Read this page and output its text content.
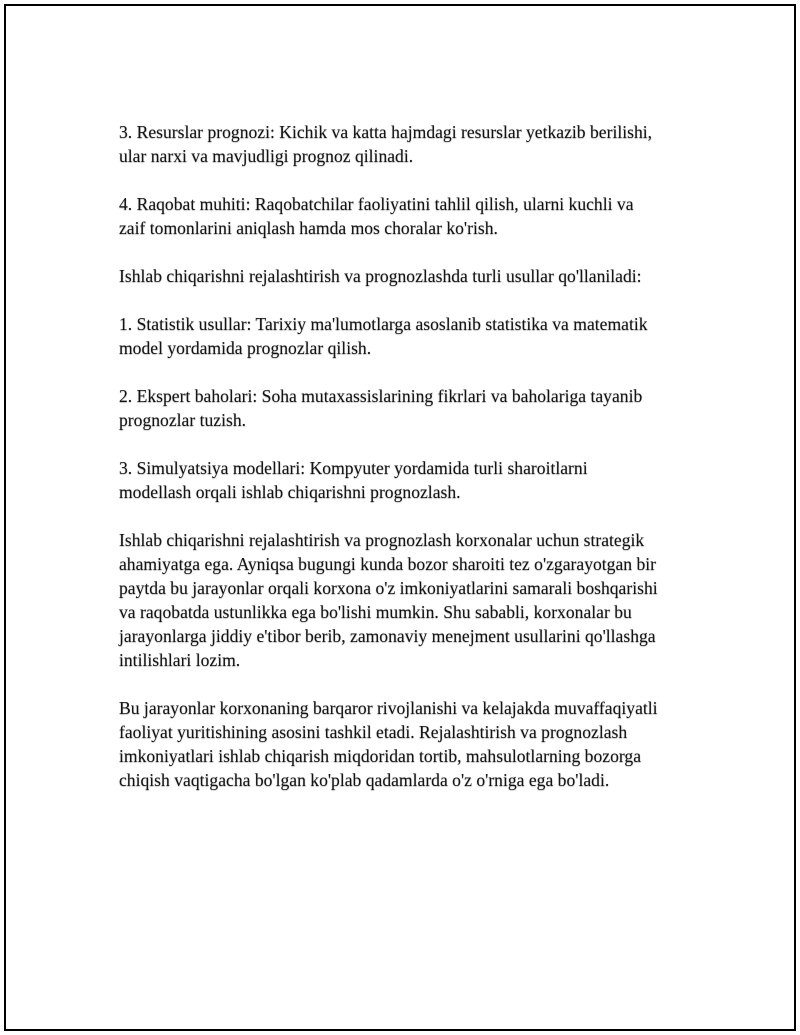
3. Resurslar prognozi: Kichik va katta hajmdagi resurslar yetkazib berilishi,
ular narxi va mavjudligi prognoz qilinadi.

4. Raqobat muhiti: Raqobatchilar faoliyatini tahlil qilish, ularni kuchli va
zaif tomonlarini aniqlash hamda mos choralar ko'rish.

Ishlab chiqarishni rejalashtirish va prognozlashda turli usullar qo'llaniladi:

1. Statistik usullar: Tarixiy ma'lumotlarga asoslanib statistika va matematik
model yordamida prognozlar qilish.

2. Ekspert baholari: Soha mutaxassislarining fikrlari va baholariga tayanib
prognozlar tuzish.

3. Simulyatsiya modellari: Kompyuter yordamida turli sharoitlarni
modellash orqali ishlab chiqarishni prognozlash.

Ishlab chiqarishni rejalashtirish va prognozlash korxonalar uchun strategik
ahamiyatga ega. Ayniqsa bugungi kunda bozor sharoiti tez o'zgarayotgan bir
paytda bu jarayonlar orqali korxona o'z imkoniyatlarini samarali boshqarishi
va raqobatda ustunlikka ega bo'lishi mumkin. Shu sababli, korxonalar bu
jarayonlarga jiddiy e'tibor berib, zamonaviy menejment usullarini qo'llashga
intilishlari lozim.

Bu jarayonlar korxonaning barqaror rivojlanishi va kelajakda muvaffaqiyatli
faoliyat yuritishining asosini tashkil etadi. Rejalashtirish va prognozlash
imkoniyatlari ishlab chiqarish miqdoridan tortib, mahsulotlarning bozorga
chiqish vaqtigacha bo'lgan ko'plab qadamlarda o'z o'rniga ega bo'ladi.
